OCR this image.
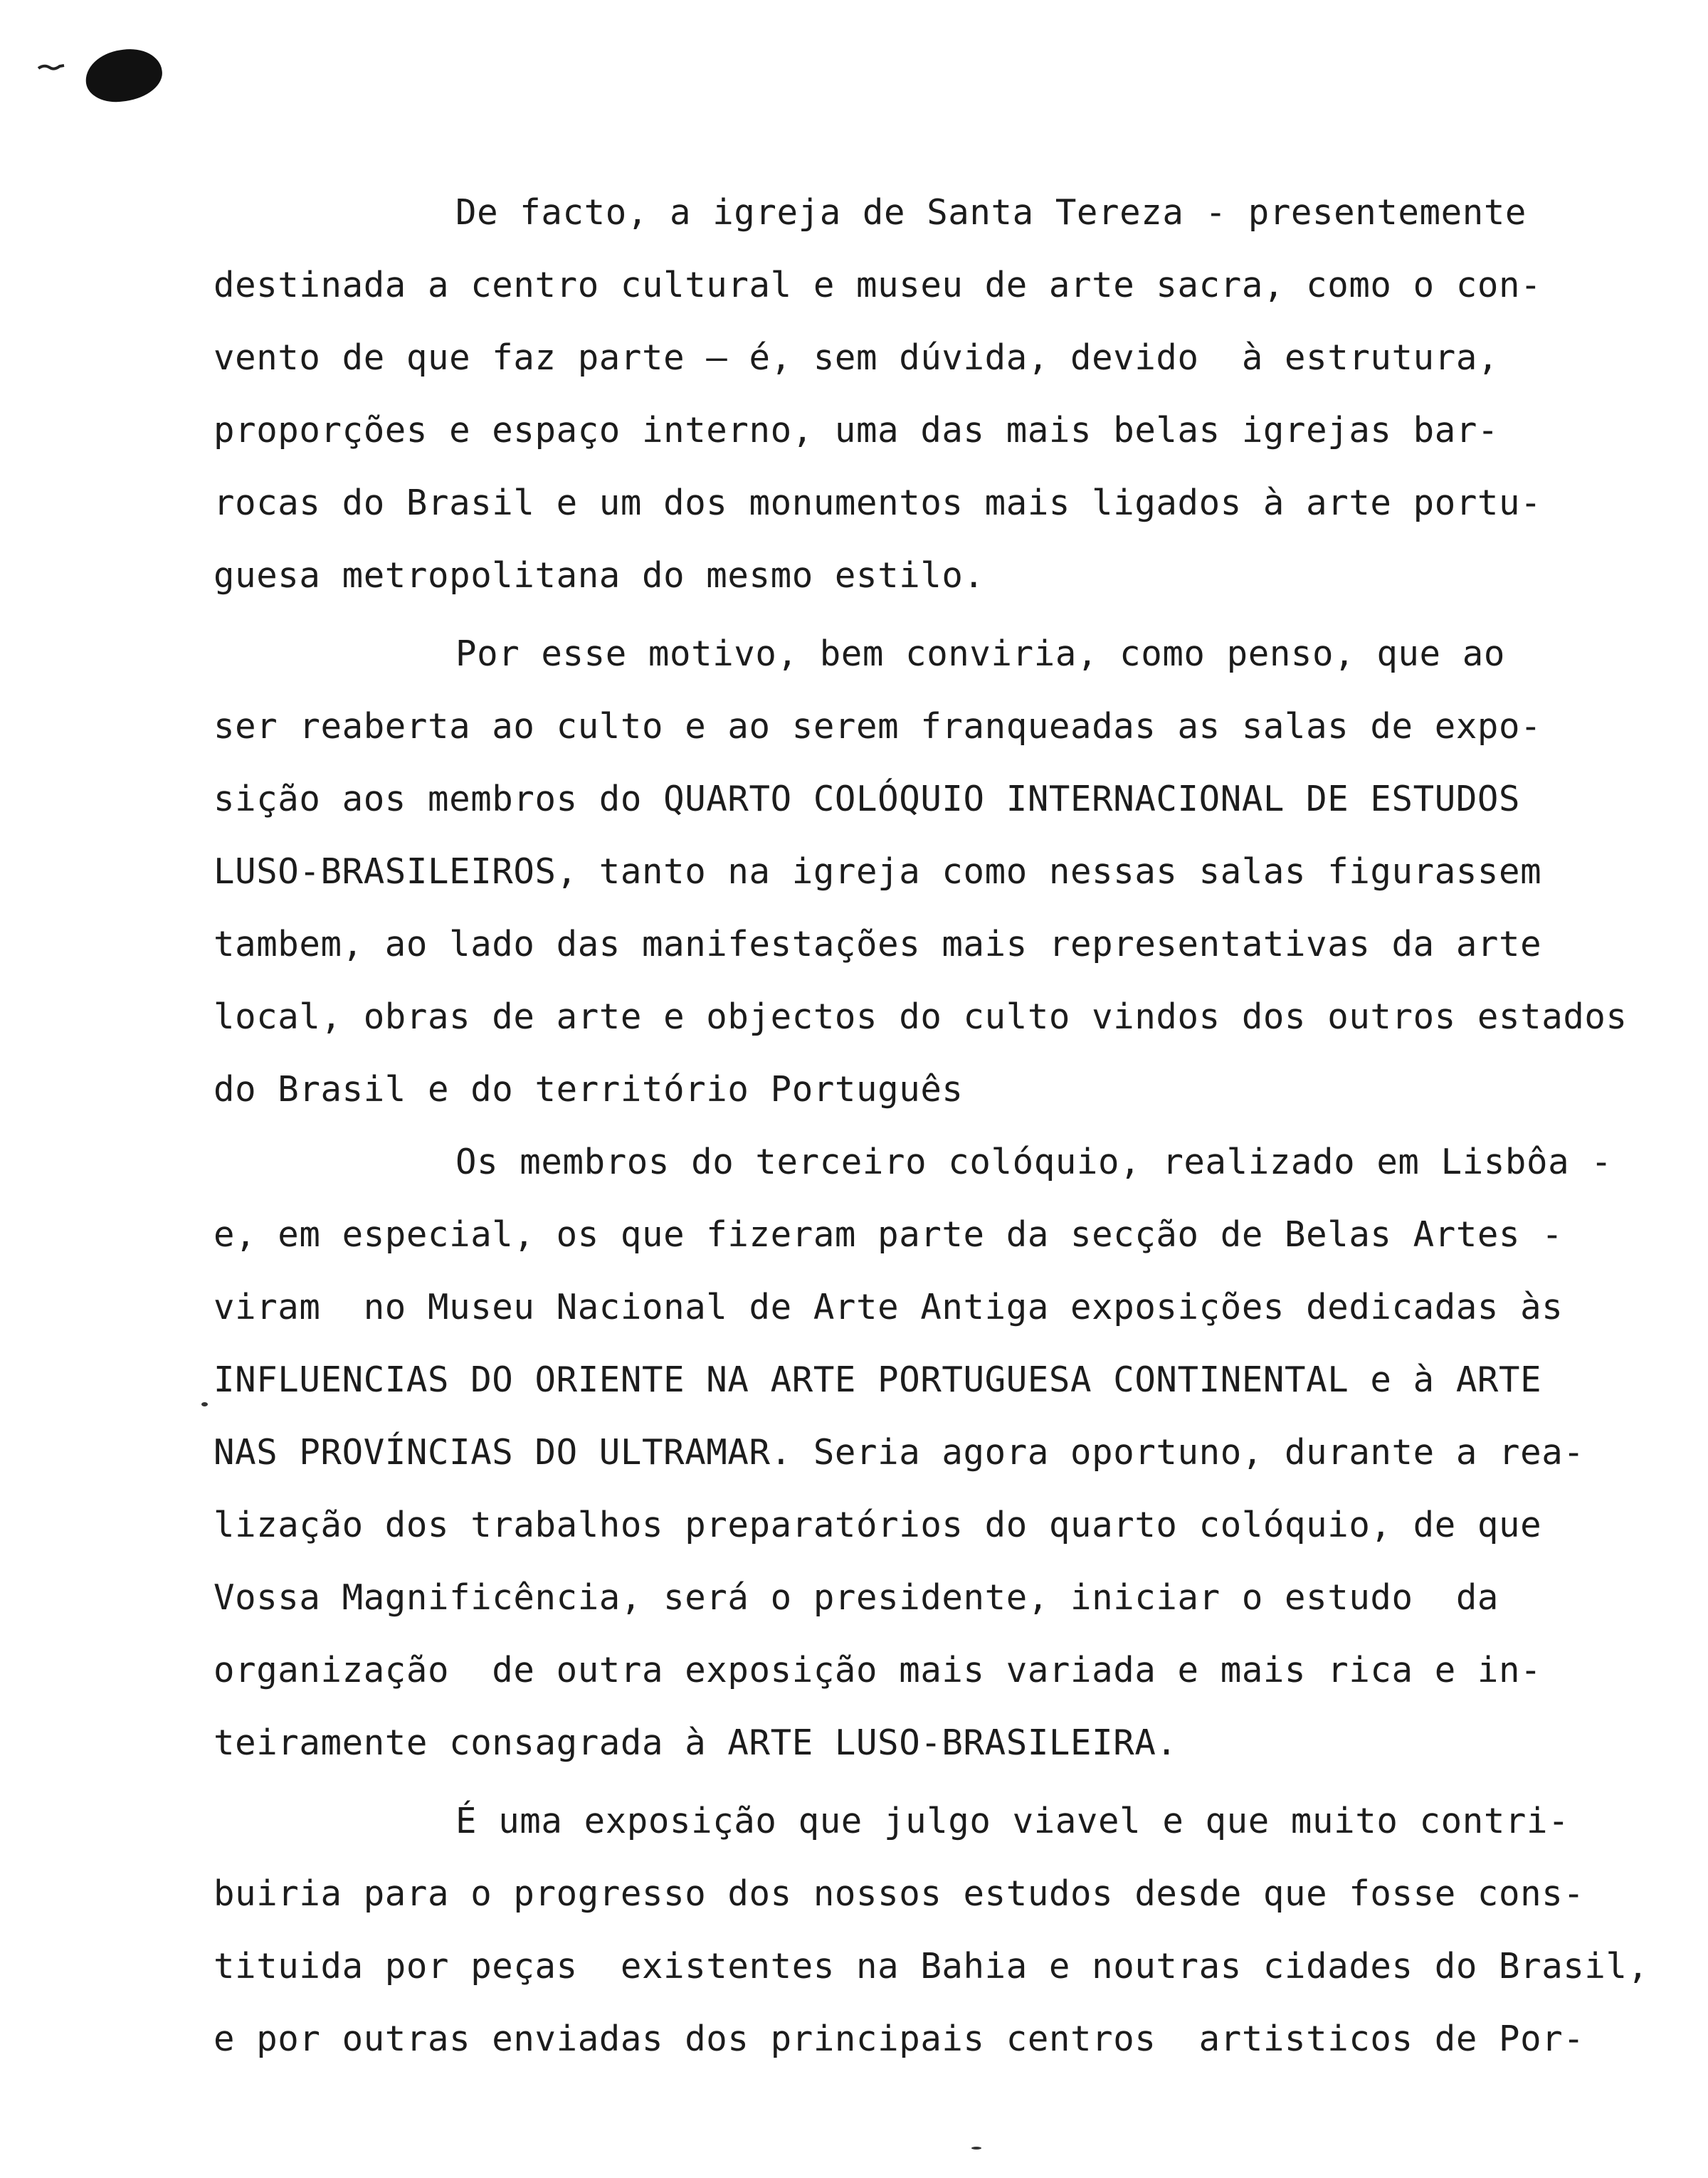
De facto, a igreja de Santa Tereza - presentemente
destinada a centro cultural e museu de arte sacra, como o con-
vento de que faz parte — é, sem dúvida, devido  à estrutura,
proporções e espaço interno, uma das mais belas igrejas bar-
rocas do Brasil e um dos monumentos mais ligados à arte portu-
guesa metropolitana do mesmo estilo.
Por esse motivo, bem conviria, como penso, que ao
ser reaberta ao culto e ao serem franqueadas as salas de expo-
sição aos membros do QUARTO COLÓQUIO INTERNACIONAL DE ESTUDOS
LUSO-BRASILEIROS, tanto na igreja como nessas salas figurassem
tambem, ao lado das manifestações mais representativas da arte
local, obras de arte e objectos do culto vindos dos outros estados
do Brasil e do território Português
Os membros do terceiro colóquio, realizado em Lisbôa -
e, em especial, os que fizeram parte da secção de Belas Artes -
viram  no Museu Nacional de Arte Antiga exposições dedicadas às
INFLUENCIAS DO ORIENTE NA ARTE PORTUGUESA CONTINENTAL e à ARTE
NAS PROVÍNCIAS DO ULTRAMAR. Seria agora oportuno, durante a rea-
lização dos trabalhos preparatórios do quarto colóquio, de que
Vossa Magnificência, será o presidente, iniciar o estudo  da
organização  de outra exposição mais variada e mais rica e in-
teiramente consagrada à ARTE LUSO-BRASILEIRA.
É uma exposição que julgo viavel e que muito contri-
buiria para o progresso dos nossos estudos desde que fosse cons-
tituida por peças  existentes na Bahia e noutras cidades do Brasil,
e por outras enviadas dos principais centros  artisticos de Por-
